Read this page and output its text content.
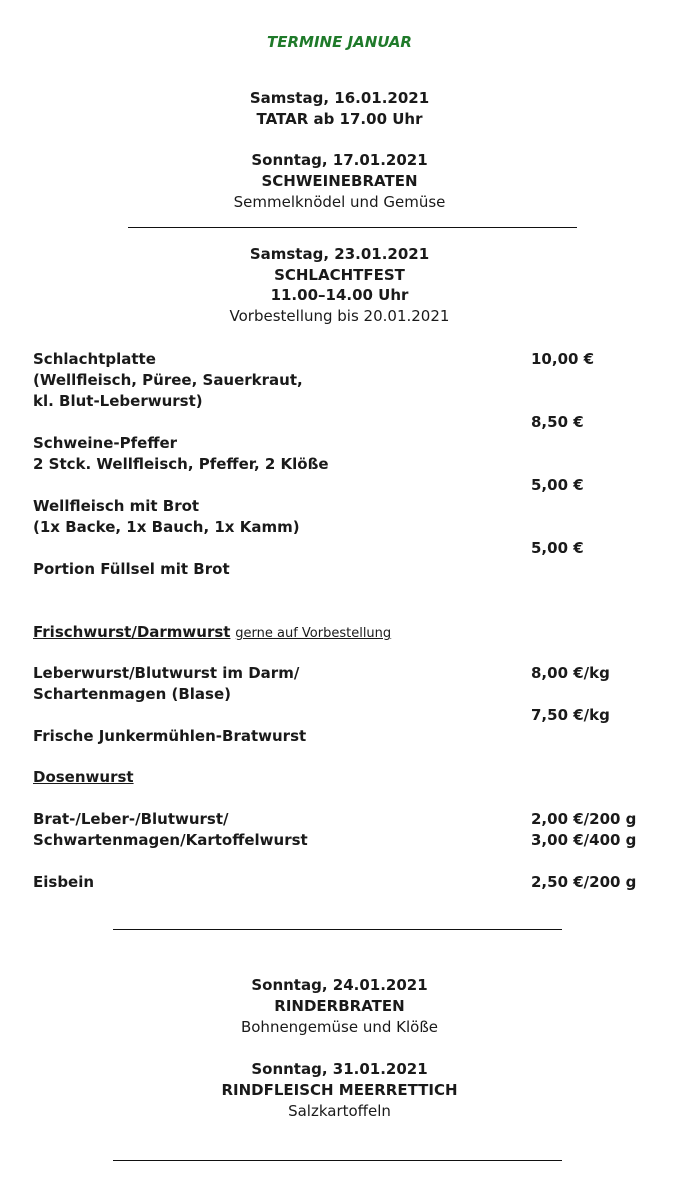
TERMINE JANUAR
Samstag, 16.01.2021
TATAR ab 17.00 Uhr
Sonntag, 17.01.2021
SCHWEINEBRATEN
Semmelknödel und Gemüse
Samstag, 23.01.2021
SCHLACHTFEST
11.00–14.00 Uhr
Vorbestellung bis 20.01.2021
Schlachtplatte
(Wellfleisch, Püree, Sauerkraut,
kl. Blut-Leberwurst)
10,00 €
8,50 €
Schweine-Pfeffer
2 Stck. Wellfleisch, Pfeffer, 2 Klöße
5,00 €
Wellfleisch mit Brot
(1x Backe, 1x Bauch, 1x Kamm)
5,00 €
Portion Füllsel mit Brot
Frischwurst/Darmwurst gerne auf Vorbestellung
Leberwurst/Blutwurst im Darm/
Schartenmagen (Blase)
8,00 €/kg
7,50 €/kg
Frische Junkermühlen-Bratwurst
Dosenwurst
Brat-/Leber-/Blutwurst/
Schwartenmagen/Kartoffelwurst
2,00 €/200 g
3,00 €/400 g
Eisbein	2,50 €/200 g
Sonntag, 24.01.2021
RINDERBRATEN
Bohnengemüse und Klöße
Sonntag, 31.01.2021
RINDFLEISCH MEERRETTICH
Salzkartoffeln
